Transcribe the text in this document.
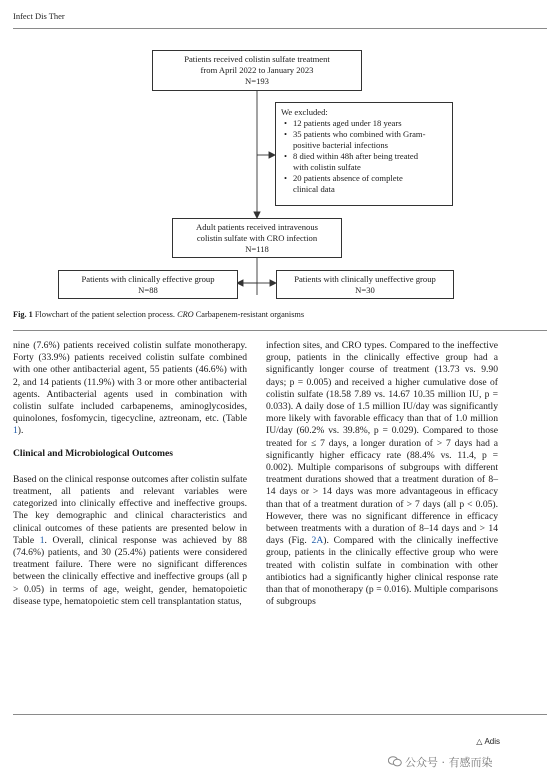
Infect Dis Ther
Patients received colistin sulfate treatment
from April 2022 to January 2023
N=193
We excluded:
• 12 patients aged under 18 years
• 35 patients who combined with Gram-
positive bacterial infections
• 8 died within 48h after being treated
with colistin sulfate
• 20 patients absence of complete
clinical data
Adult patients received intravenous
colistin sulfate with CRO infection
N=118
Patients with clinically effective group
N=88
Patients with clinically uneffective group
N=30
Fig. 1 Flowchart of the patient selection process. CRO Carbapenem-resistant organisms

nine (7.6%) patients received colistin sulfate monotherapy. Forty (33.9%) patients received colistin sulfate combined with one other antibacterial agent, 55 patients (46.6%) with 2, and 14 patients (11.9%) with 3 or more other antibacterial agents. Antibacterial agents used in combination with colistin sulfate included carbapenems, aminoglycosides, quinolones, fosfomycin, tigecycline, aztreonam, etc. (Table 1).

Clinical and Microbiological Outcomes

Based on the clinical response outcomes after colistin sulfate treatment, all patients and relevant variables were categorized into clinically effective and ineffective groups. The key demographic and clinical characteristics and clinical outcomes of these patients are presented below in Table 1. Overall, clinical response was achieved by 88 (74.6%) patients, and 30 (25.4%) patients were considered treatment failure. There were no significant differences between the clinically effective and ineffective groups (all p > 0.05) in terms of age, weight, gender, hematopoietic disease type, hematopoietic stem cell transplantation status,

infection sites, and CRO types. Compared to the ineffective group, patients in the clinically effective group had a significantly longer course of treatment (13.73 vs. 9.90 days; p = 0.005) and received a higher cumulative dose of colistin sulfate (18.58 7.89 vs. 14.67 10.35 million IU, p = 0.033). A daily dose of 1.5 million IU/day was significantly more likely with favorable efficacy than that of 1.0 million IU/day (60.2% vs. 39.8%, p = 0.029). Compared to those treated for ≤ 7 days, a longer duration of > 7 days had a significantly higher efficacy rate (88.4% vs. 11.4, p = 0.002). Multiple comparisons of subgroups with different treatment durations showed that a treatment duration of 8–14 days or > 14 days was more advantageous in efficacy than that of a treatment duration of > 7 days (all p < 0.05). However, there was no significant difference in efficacy between treatments with a duration of 8–14 days and > 14 days (Fig. 2A). Compared with the clinically ineffective group, patients in the clinically effective group who were treated with colistin sulfate in combination with other antibiotics had a significantly higher clinical response rate than that of monotherapy (p = 0.016). Multiple comparisons of subgroups

△ Adis
公众号 · 有感而染
